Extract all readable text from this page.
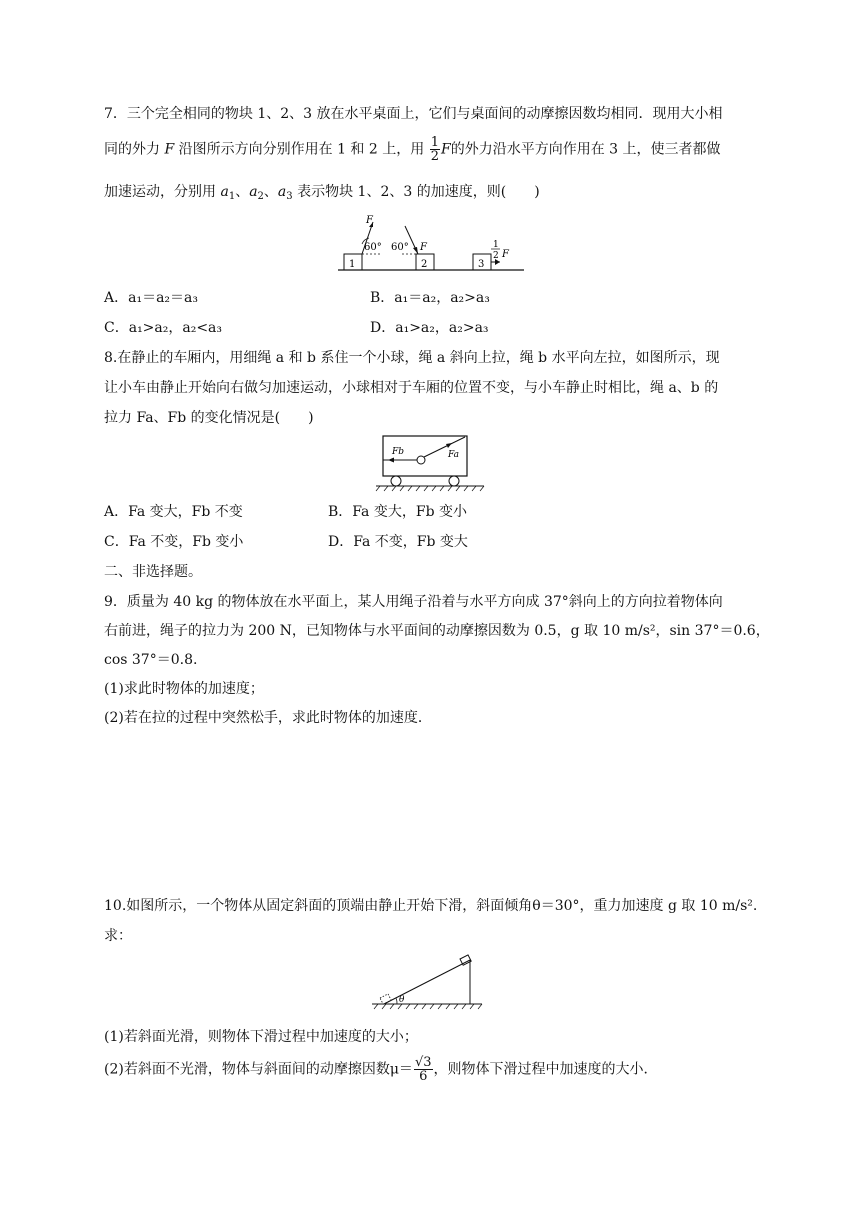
7．三个完全相同的物块 1、2、3 放在水平桌面上，它们与桌面间的动摩擦因数均相同．现用大小相
同的外力 F 沿图所示方向分别作用在 1 和 2 上，用 $\frac{1}{2}$ F的外力沿水平方向作用在 3 上，使三者都做
加速运动，分别用 $a_1$、$a_2$、$a_3$ 表示物块 1、2、3 的加速度，则(　　)
1
F
60°
2
60° F
3
1
2 F
A．a₁＝a₂＝a₃	B．a₁＝a₂，a₂>a₃
C．a₁>a₂，a₂<a₃	D．a₁>a₂，a₂>a₃
8.在静止的车厢内，用细绳 a 和 b 系住一个小球，绳 a 斜向上拉，绳 b 水平向左拉，如图所示，现
让小车由静止开始向右做匀加速运动，小球相对于车厢的位置不变，与小车静止时相比，绳 a、b 的
拉力 Fa、Fb 的变化情况是(　　)
Fb	Fa
A．Fa 变大，Fb 不变	B．Fa 变大，Fb 变小
C．Fa 不变，Fb 变小	D．Fa 不变，Fb 变大
二、非选择题。
9．质量为 40 kg 的物体放在水平面上，某人用绳子沿着与水平方向成 37°斜向上的方向拉着物体向
右前进，绳子的拉力为 200 N，已知物体与水平面间的动摩擦因数为 0.5，g 取 10 m/s²，sin 37°＝0.6，
cos 37°＝0.8.
(1)求此时物体的加速度；
(2)若在拉的过程中突然松手，求此时物体的加速度．
10.如图所示，一个物体从固定斜面的顶端由静止开始下滑，斜面倾角θ＝30°，重力加速度 g 取 10 m/s².
求：
θ
(1)若斜面光滑，则物体下滑过程中加速度的大小；
(2)若斜面不光滑，物体与斜面间的动摩擦因数$\mu= \frac{√3}{6}$ ，则物体下滑过程中加速度的大小．
